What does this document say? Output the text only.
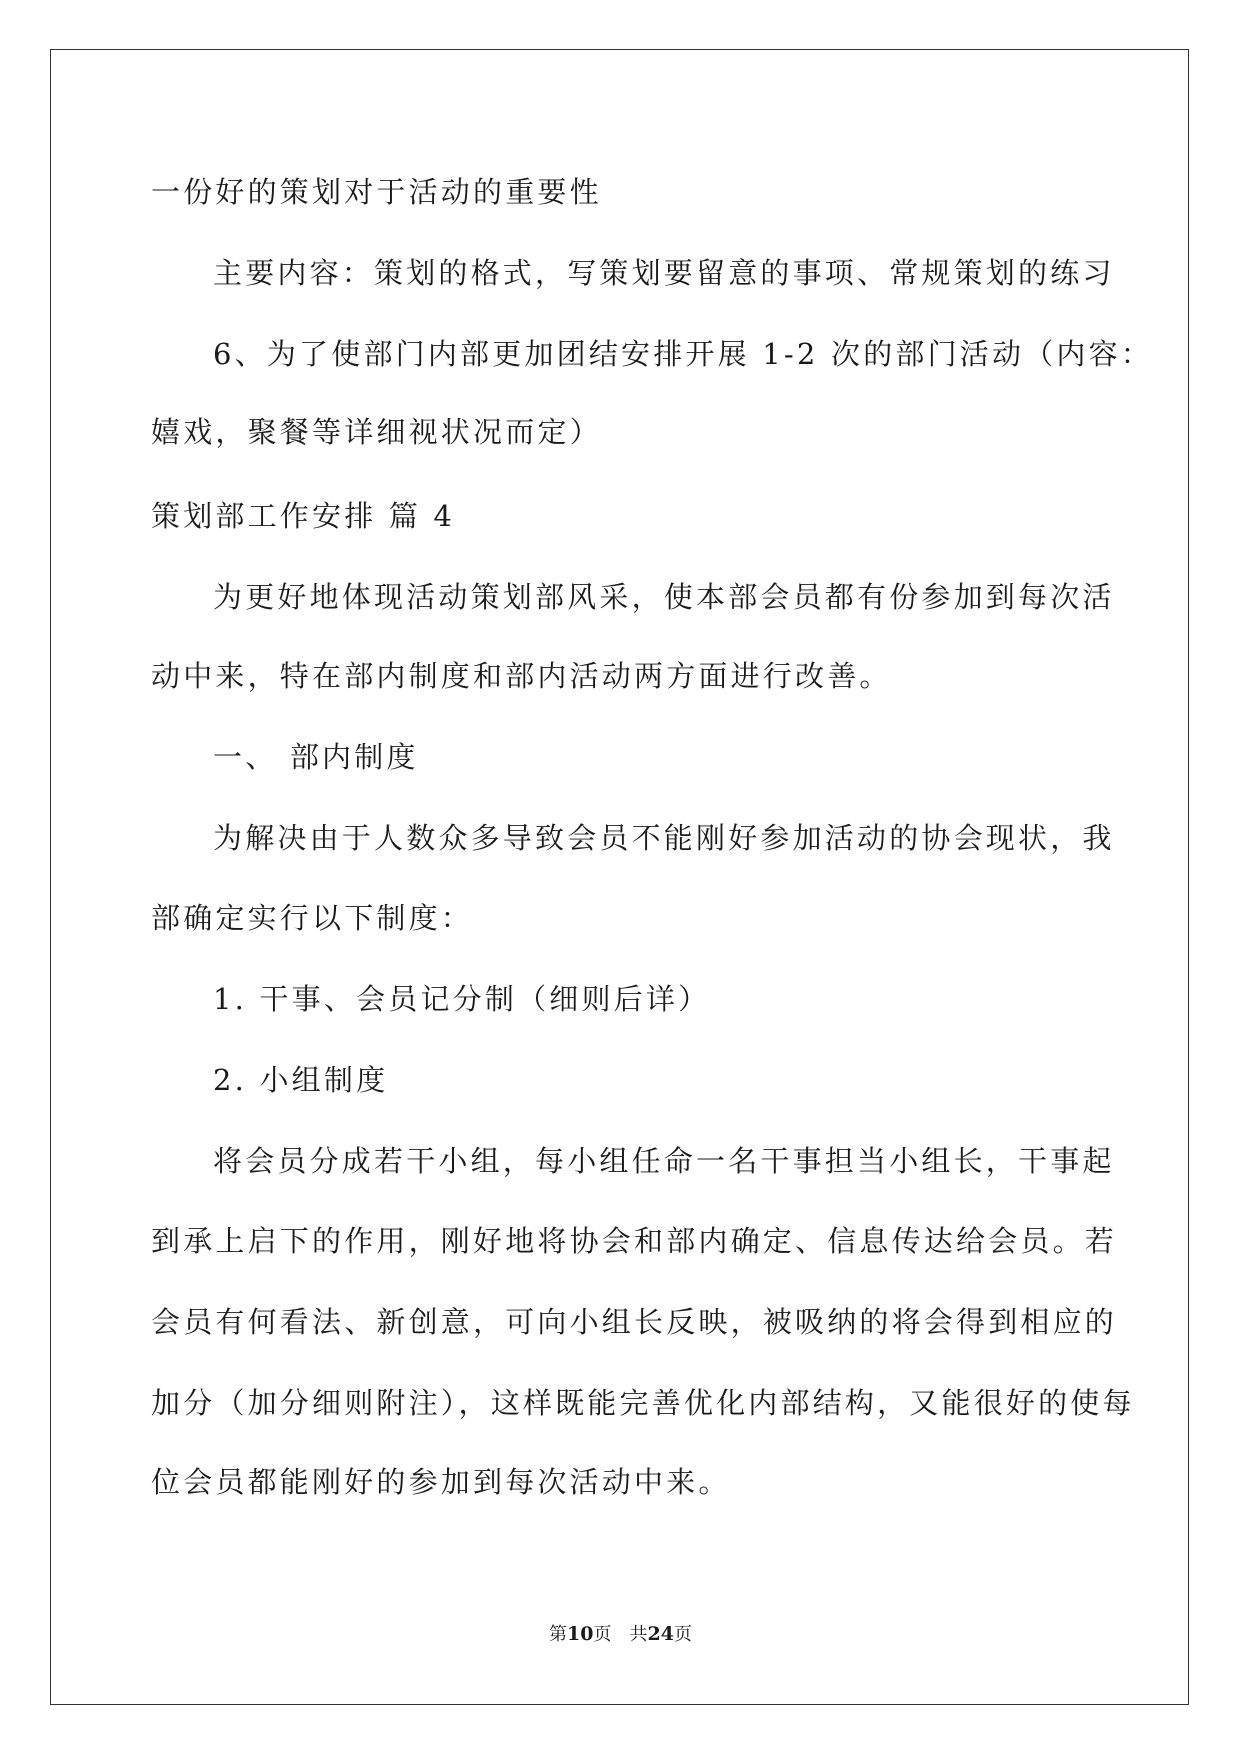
一份好的策划对于活动的重要性

主要内容：策划的格式，写策划要留意的事项、常规策划的练习

6、为了使部门内部更加团结安排开展 1-2 次的部门活动（内容：

嬉戏，聚餐等详细视状况而定）

策划部工作安排 篇 4

为更好地体现活动策划部风采，使本部会员都有份参加到每次活

动中来，特在部内制度和部内活动两方面进行改善。

一、 部内制度

为解决由于人数众多导致会员不能刚好参加活动的协会现状，我

部确定实行以下制度：

1. 干事、会员记分制（细则后详）

2. 小组制度

将会员分成若干小组，每小组任命一名干事担当小组长，干事起

到承上启下的作用，刚好地将协会和部内确定、信息传达给会员。若

会员有何看法、新创意，可向小组长反映，被吸纳的将会得到相应的

加分（加分细则附注），这样既能完善优化内部结构，又能很好的使每

位会员都能刚好的参加到每次活动中来。

第10页　共24页
